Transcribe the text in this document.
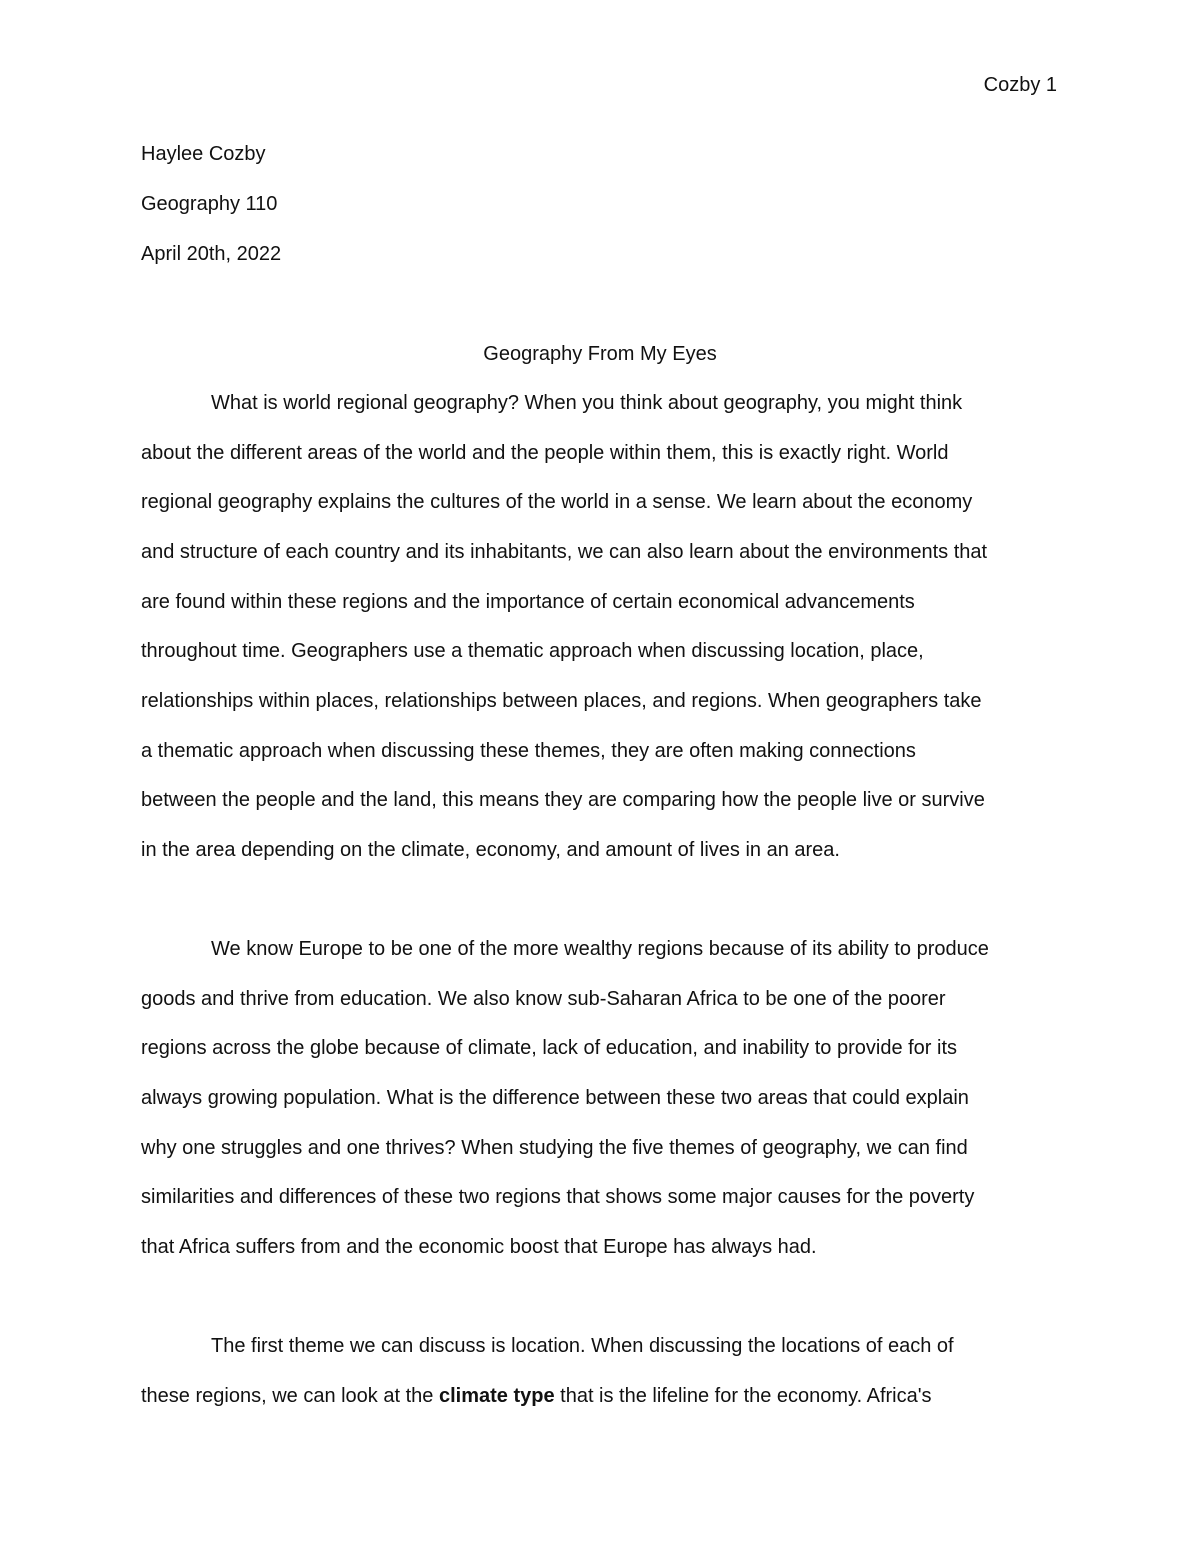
Cozby 1
Haylee Cozby
Geography 110
April 20th, 2022
Geography From My Eyes
What is world regional geography? When you think about geography, you might think
about the different areas of the world and the people within them, this is exactly right. World
regional geography explains the cultures of the world in a sense. We learn about the economy
and structure of each country and its inhabitants, we can also learn about the environments that
are found within these regions and the importance of certain economical advancements
throughout time. Geographers use a thematic approach when discussing location, place,
relationships within places, relationships between places, and regions. When geographers take
a thematic approach when discussing these themes, they are often making connections
between the people and the land, this means they are comparing how the people live or survive
in the area depending on the climate, economy, and amount of lives in an area.
We know Europe to be one of the more wealthy regions because of its ability to produce
goods and thrive from education. We also know sub-Saharan Africa to be one of the poorer
regions across the globe because of climate, lack of education, and inability to provide for its
always growing population. What is the difference between these two areas that could explain
why one struggles and one thrives? When studying the five themes of geography, we can find
similarities and differences of these two regions that shows some major causes for the poverty
that Africa suffers from and the economic boost that Europe has always had.
The first theme we can discuss is location. When discussing the locations of each of
these regions, we can look at the climate type that is the lifeline for the economy. Africa's
